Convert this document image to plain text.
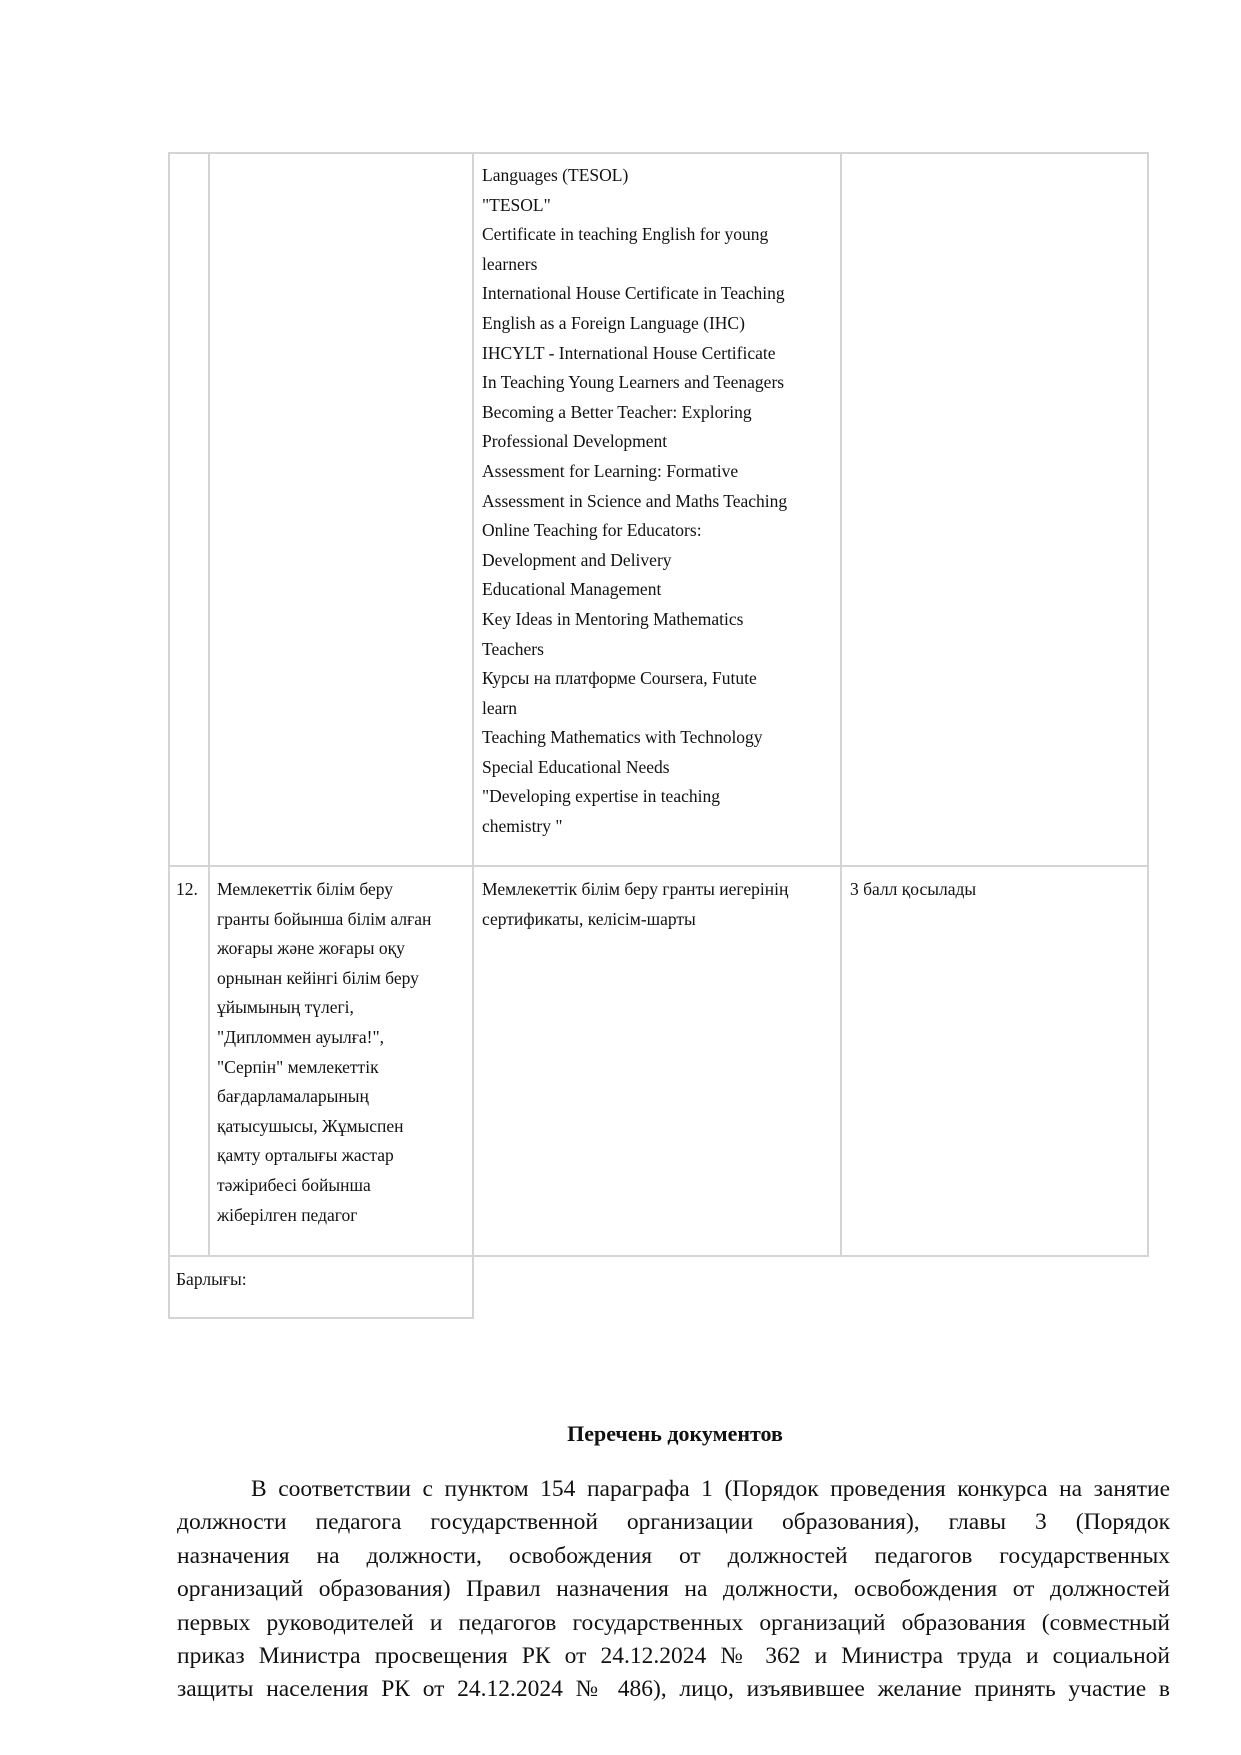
Languages (TESOL)
"TESOL"
Certificate in teaching English for young
learners
International House Certificate in Teaching
English as a Foreign Language (IHC)
IHCYLT - International House Certificate
In Teaching Young Learners and Teenagers
Becoming a Better Teacher: Exploring
Professional Development
Assessment for Learning: Formative
Assessment in Science and Maths Teaching
Online Teaching for Educators:
Development and Delivery
Educational Management
Key Ideas in Mentoring Mathematics
Teachers
Курсы на платформе Coursera, Futute
learn
Teaching Mathematics with Technology
Special Educational Needs
"Developing expertise in teaching
chemistry "
12. Мемлекеттік білім беру
гранты бойынша білім алған
жоғары және жоғары оқу
орнынан кейінгі білім беру
ұйымының түлегі,
"Дипломмен ауылға!",
"Серпін" мемлекеттік
бағдарламаларының
қатысушысы, Жұмыспен
қамту орталығы жастар
тәжірибесі бойынша
жіберілген педагог
Мемлекеттік білім беру гранты иегерінің
сертификаты, келісім-шарты
3 балл қосылады
Барлығы:
Перечень документов
В соответствии с пунктом 154 параграфа 1 (Порядок проведения конкурса на занятие
должности педагога государственной организации образования), главы 3 (Порядок
назначения на должности, освобождения от должностей педагогов государственных
организаций образования) Правил назначения на должности, освобождения от должностей
первых руководителей и педагогов государственных организаций образования (совместный
приказ Министра просвещения РК от 24.12.2024 № 362 и Министра труда и социальной
защиты населения РК от 24.12.2024 № 486), лицо, изъявившее желание принять участие в
